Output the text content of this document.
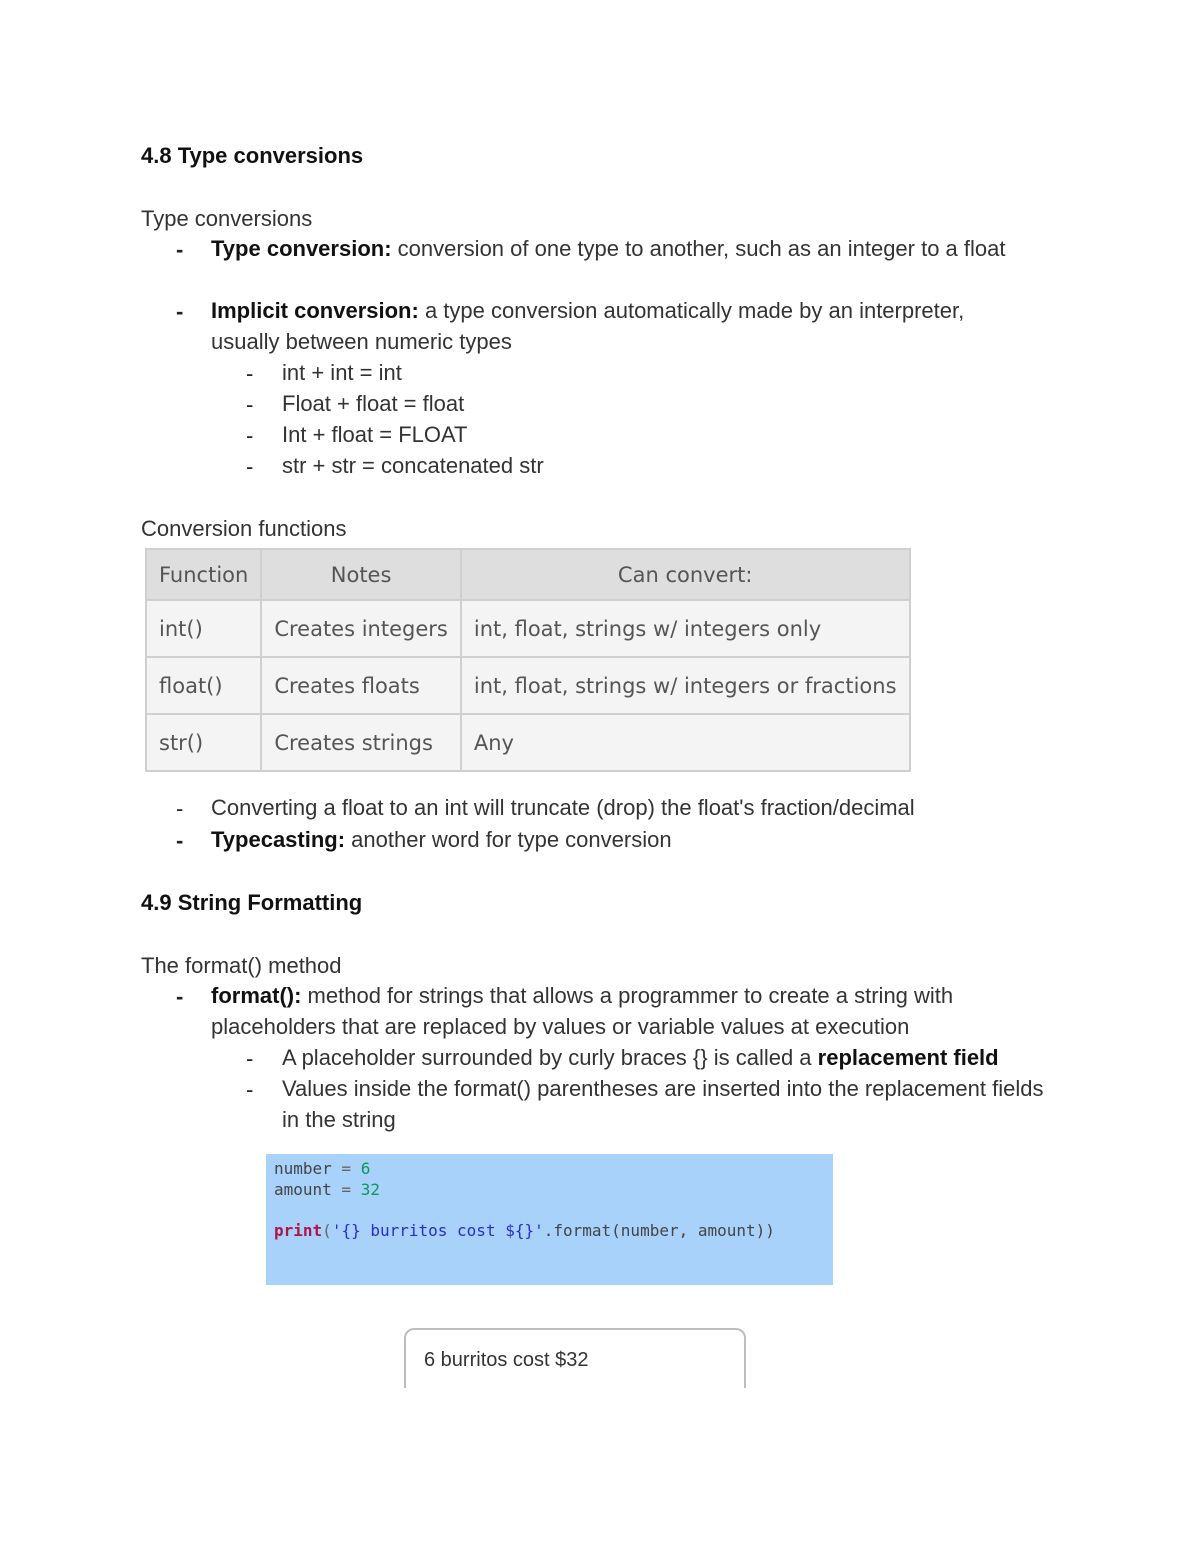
4.8 Type conversions
Type conversions
- Type conversion: conversion of one type to another, such as an integer to a float
- Implicit conversion: a type conversion automatically made by an interpreter, usually between numeric types
- int + int = int
- Float + float = float
- Int + float = FLOAT
- str + str = concatenated str
Conversion functions
Function	Notes	Can convert:
int()	Creates integers	int, float, strings w/ integers only
float()	Creates floats	int, float, strings w/ integers or fractions
str()	Creates strings	Any
- Converting a float to an int will truncate (drop) the float's fraction/decimal
- Typecasting: another word for type conversion
4.9 String Formatting
The format() method
- format(): method for strings that allows a programmer to create a string with placeholders that are replaced by values or variable values at execution
- A placeholder surrounded by curly braces {} is called a replacement field
- Values inside the format() parentheses are inserted into the replacement fields in the string
number = 6
amount = 32
print('{} burritos cost ${}'.format(number, amount))
6 burritos cost $32
